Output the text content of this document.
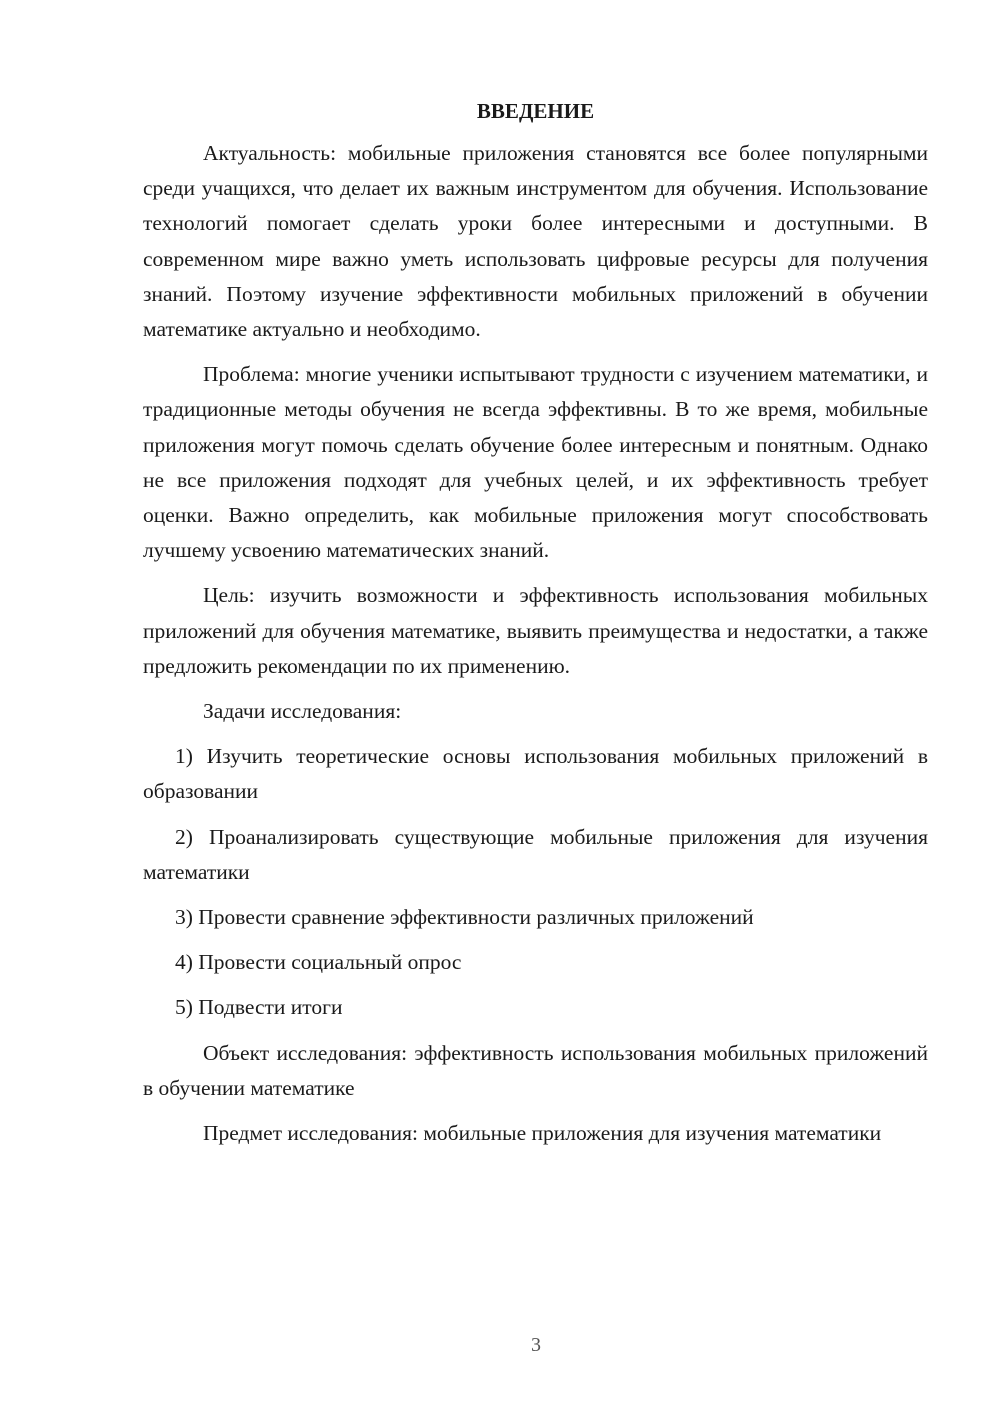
ВВЕДЕНИЕ

Актуальность: мобильные приложения становятся все более популярными среди учащихся, что делает их важным инструментом для обучения. Использование технологий помогает сделать уроки более интересными и доступными. В современном мире важно уметь использовать цифровые ресурсы для получения знаний. Поэтому изучение эффективности мобильных приложений в обучении математике актуально и необходимо.

Проблема: многие ученики испытывают трудности с изучением математики, и традиционные методы обучения не всегда эффективны. В то же время, мобильные приложения могут помочь сделать обучение более интересным и понятным. Однако не все приложения подходят для учебных целей, и их эффективность требует оценки. Важно определить, как мобильные приложения могут способствовать лучшему усвоению математических знаний.

Цель: изучить возможности и эффективность использования мобильных приложений для обучения математике, выявить преимущества и недостатки, а также предложить рекомендации по их применению.

Задачи исследования:

1) Изучить теоретические основы использования мобильных приложений в образовании

2) Проанализировать существующие мобильные приложения для изучения математики

3) Провести сравнение эффективности различных приложений

4) Провести социальный опрос

5) Подвести итоги

Объект исследования: эффективность использования мобильных приложений в обучении математике

Предмет исследования: мобильные приложения для изучения математики

3
